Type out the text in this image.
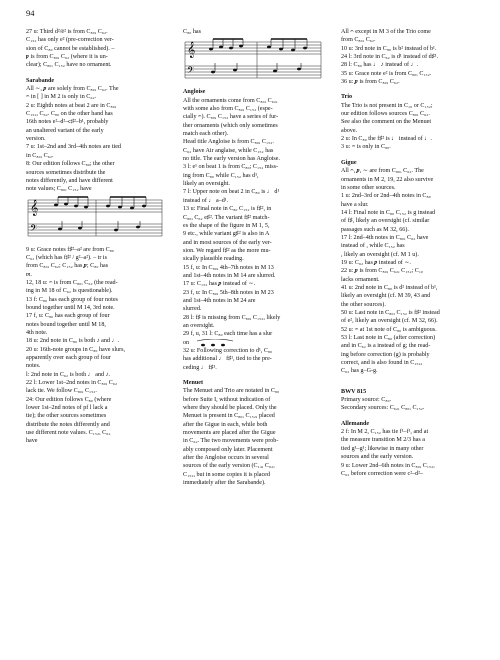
94
27 u: Third d²/ē² is from C₈₀, C₆₂.
C₁₅₂ has only e² (pre-correction ver-
sion of C₈₀ cannot be established). –
𝆏 is from C₈₀, C₆₂ (where it is un-
clear); C₈₀, C₁₅₂ have no ornament.
Sarabande
All ∼, 𝆏 are solely from C₈₀, C₆₂. The
𝄐 in [ ] in M 2 is only in C₆₂.
2 u: Eighth notes at beat 2 are in C₈₀,
C₁₅₂, C₆₂. C₈₀ on the other hand has
16th notes e²–d²–c♯²–b¹, probably
an unaltered variant of the early
version.
7 u: 1st–2nd and 3rd–4th notes are tied
in C₈₀, C₆₂.
8: Our edition follows C₈₀; the other
sources sometimes distribute the
notes differently, and have different
note values; C₈₀, C₁₅₂ have
𝄞
𝄢
9 u: Grace notes f♯²–a² are from C₈₀
C₆₂ (which has f♯² / g²–a²). – tr is
from C₈₀, C₆₂; C₁₅₂ has 𝆏; C₈₀ has
𝆐.
12, 18 u: 𝄐 is from C₈₀, C₆₂ (the read-
ing in M 18 of C₆₂ is questionable).
13 f: C₈₀ has each group of four notes
bound together until M 14, 3rd note.
17 f, u: C₈₀ has each group of four
notes bound together until M 18,
4th note.
18 u: 2nd note in C₈₀ is both ♪ and ♩.
20 u: 16th-note groups in C₈₀ have slurs,
apparently over each group of four
notes.
l: 2nd note in C₆₂ is both ♩ and ♪.
22 l: Lower 1st–2nd notes in C₈₀, C₆₂
lack tie. We follow C₈₀, C₁₅₂.
24: Our edition follows C₈₀ (where
lower 1st–2nd notes of pf l lack a
tie); the other sources sometimes
distribute the notes differently and
use different note values. C₁₅₂, C₆₂
have
C₈₀ has
𝄞
𝄢
Angloise
All the ornaments come from C₈₀, C₆₂,
with some also from C₈₀, C₁₅₂ (espe-
cially 𝄐). C₈₀, C₁₅₂ have a series of fur-
ther ornaments (which only sometimes
match each other).
Head title Angloise is from C₈₀, C₁₅₂.
C₆₂ have Air anglaise, while C₁₅₂ has
no title. The early version has Angloise.
3 l: e¹ on beat 1 is from C₈₀; C₁₅₂ miss-
ing from C₈₀ while C₁₅₂ has d¹,
likely an oversight.
7 l: Upper note on beat 2 in C₈₀ is ♩ d¹
instead of ♩ a–d¹.
13 u: Final note in C₈₀ C₁₅₂ is f♯², in
C₈₀, C₆₂ e♯². The variant f♯² match-
es the shape of the figure in M 1, 5,
9 etc., while variant g♯² is also in A
and in most sources of the early ver-
sion. We regard f♯² as the more mu-
sically plausible reading.
15 f, u: In C₈₀, 4th–7th notes in M 13
and 1st–4th notes in M 14 are slurred.
17 u: C₁₅₂ has 𝆏 instead of ∼.
23 f, u: In C₈₀, 5th–8th notes in M 23
and 1st–4th notes in M 24 are
slurred.
28 l: f♯ is missing from C₈₀, C₁₅₂, likely
an oversight.
29 f, u, 31 l: C₈₀ each time has a slur
on
32 u: Following correction to d¹, C₈₀
has additional ♩ f♯¹, tied to the pre-
ceding ♩ f♯¹.
Menuet
The Menuet and Trio are notated in C₈₀
before Suite I, without indication of
where they should be placed. Only the
Menuet is present in C₈₀, C₁₅₂, placed
after the Gigue in each, while both
movements are placed after the Gigue
in C₆₂. The two movements were prob-
ably composed only later. Placement
after the Angloise occurs in several
sources of the early version (C₁₄, C₆₂,
C₁₅₂, but in some copies it is placed
immediately after the Sarabande).
All 𝄐 except in M 3 of the Trio come
from C₈₀, C₆₂.
10 u: 3rd note in C₈₀ is b² instead of b¹.
24 l: 3rd note in C₆₂ is d¹ instead of d♯¹.
28 l: C₈₀ has ♩ ♪ instead of ♩.
35 u: Grace note e² is from C₈₀, C₁₅₂.
36 u: 𝆏 is from C₈₀, C₆₂.
Trio
The Trio is not present in C₁₀ or C₁₅₂;
our edition follows sources C₈₀, C₆₂.
See also the comment on the Menuet
above.
2 u: In C₈₀ the f♯² is ♩ instead of ♩.
3 u: 𝄐 is only in C₈₀.
Gigue
All 𝄐, 𝆏, ∼ are from C₈₀, C₆₂. The
ornaments in M 2, 19, 22 also survive
in some other sources.
1 u: 2nd–3rd or 2nd–4th notes in C₈₀
have a slur.
14 l: Final note in C₈₀ C₁₅₂ is g instead
of f♯, likely an oversight (cf. similar
passages such as M 32, 66).
17 l: 2nd–4th notes in C₈₀, C₆₂ have
instead of , while C₁₅₂ has
, likely an oversight (cf. M 1 u).
19 u: C₆₂ has 𝆏 instead of ∼.
22 u: 𝆏 is from C₈₀, C₆₂, C₁₅₂; C₁₀
lacks ornament.
41 u: 2nd note in C₈₀ is d² instead of b¹,
likely an oversight (cf. M 39, 43 and
the other sources).
50 u: Last note in C₈₀, C₁₅₂ is f♯² instead
of e², likely an oversight (cf. M 32, 66).
52 u: 𝄐 at 1st note of C₈₀ is ambiguous.
53 l: Last note in C₈₀ (after correction)
and in C₆₂ is a instead of g; the read-
ing before correction (g) is probably
correct, and is also found in C₁₅₂,
C₆₂ has g–G-g.
BWV 815
Primary source: C₈₀.
Secondary sources: C₆₂, C₈₀, C₁₅₂.
Allemande
2 f: In M 2, C₁₅₂ has tie f¹–f¹, and at
the measure transition M 2/3 has a
tied g¹–g¹; likewise in many other
sources and the early version.
9 u: Lower 2nd–6th notes in C₈₀, C₁₅₂,
C₆₂ before correction were c²–d²–
